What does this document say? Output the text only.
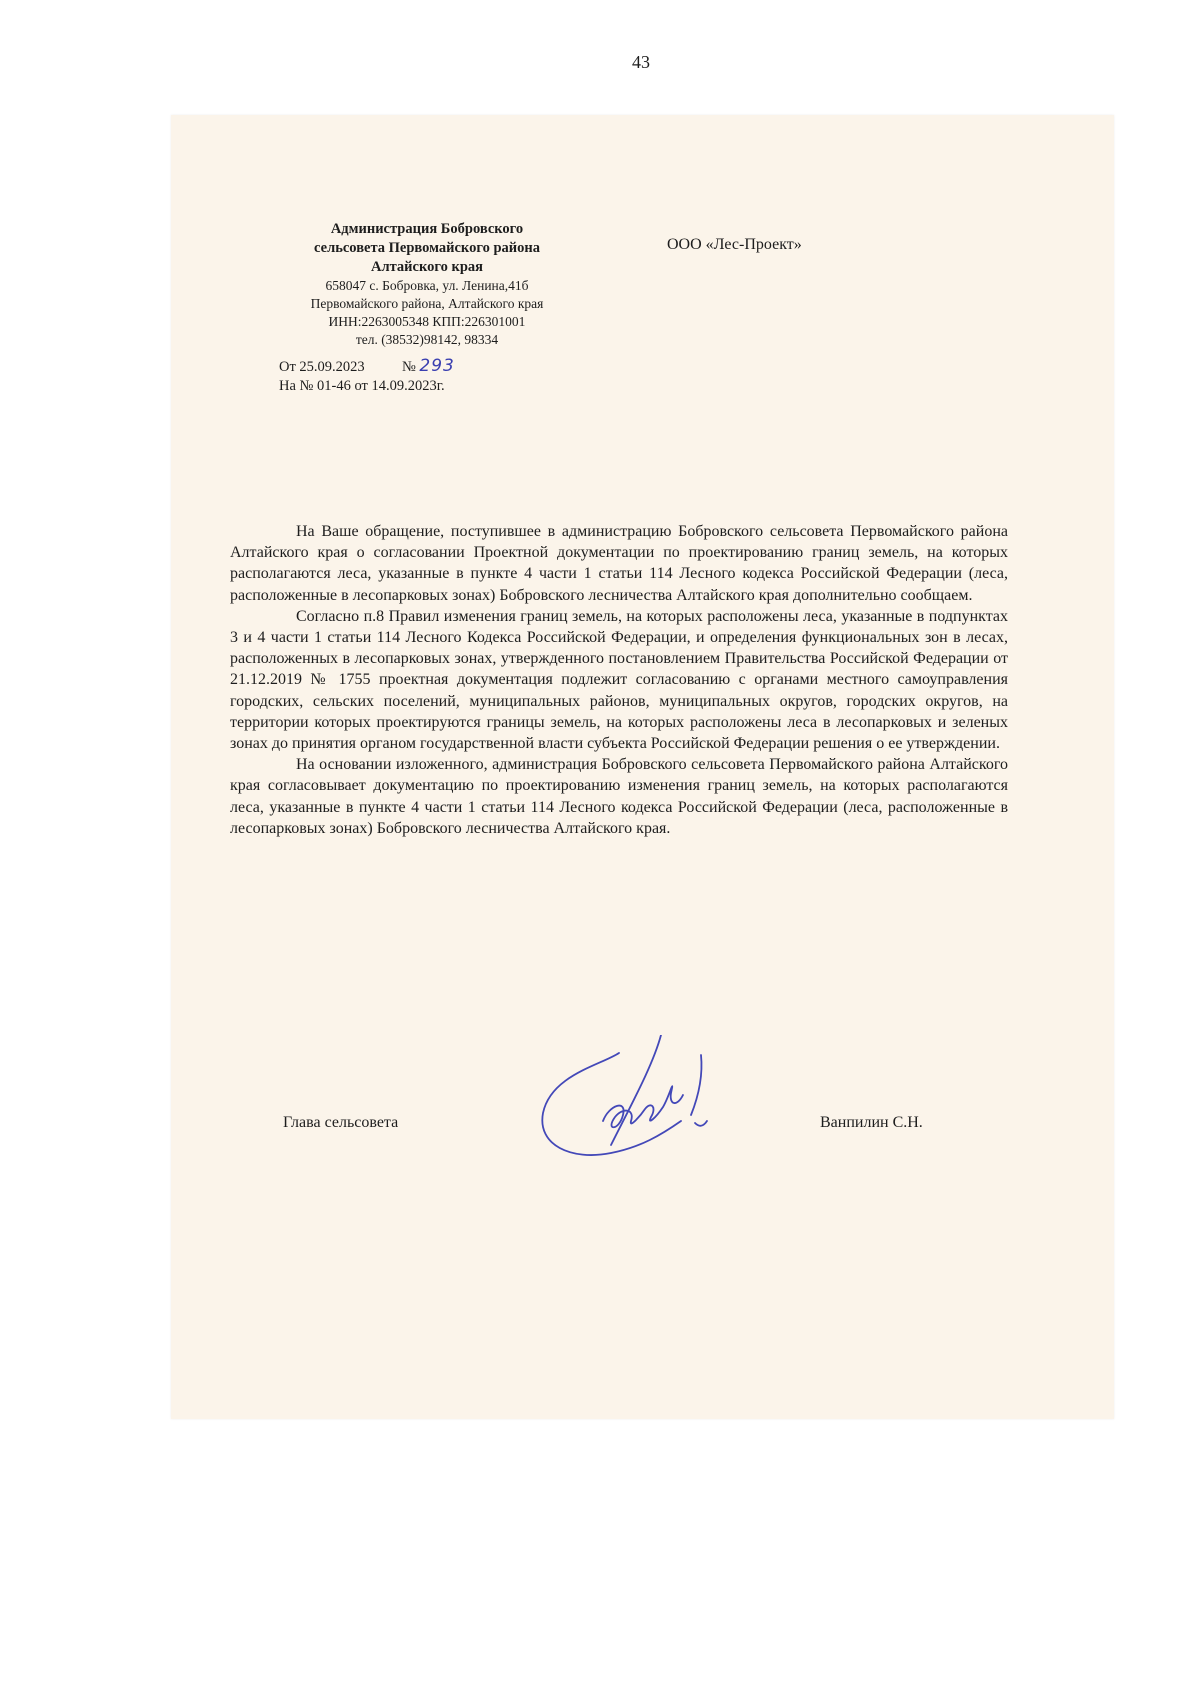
43
Администрация Бобровского
сельсовета Первомайского района
Алтайского края
658047 с. Бобровка, ул. Ленина,41б
Первомайского района, Алтайского края
ИНН:2263005348 КПП:226301001
тел. (38532)98142, 98334
От 25.09.2023	№ 293
На № 01-46 от 14.09.2023г.
ООО «Лес-Проект»

На Ваше обращение, поступившее в администрацию Бобровского сельсовета Первомайского района Алтайского края о согласовании Проектной документации по проектированию границ земель, на которых располагаются леса, указанные в пункте 4 части 1 статьи 114 Лесного кодекса Российской Федерации (леса, расположенные в лесопарковых зонах) Бобровского лесничества Алтайского края дополнительно сообщаем.

Согласно п.8 Правил изменения границ земель, на которых расположены леса, указанные в подпунктах 3 и 4 части 1 статьи 114 Лесного Кодекса Российской Федерации, и определения функциональных зон в лесах, расположенных в лесопарковых зонах, утвержденного постановлением Правительства Российской Федерации от 21.12.2019 № 1755 проектная документация подлежит согласованию с органами местного самоуправления городских, сельских поселений, муниципальных районов, муниципальных округов, городских округов, на территории которых проектируются границы земель, на которых расположены леса в лесопарковых и зеленых зонах до принятия органом государственной власти субъекта Российской Федерации решения о ее утверждении.

На основании изложенного, администрация Бобровского сельсовета Первомайского района Алтайского края согласовывает документацию по проектированию изменения границ земель, на которых располагаются леса, указанные в пункте 4 части 1 статьи 114 Лесного кодекса Российской Федерации (леса, расположенные в лесопарковых зонах) Бобровского лесничества Алтайского края.

Глава сельсовета	Ванпилин С.Н.
